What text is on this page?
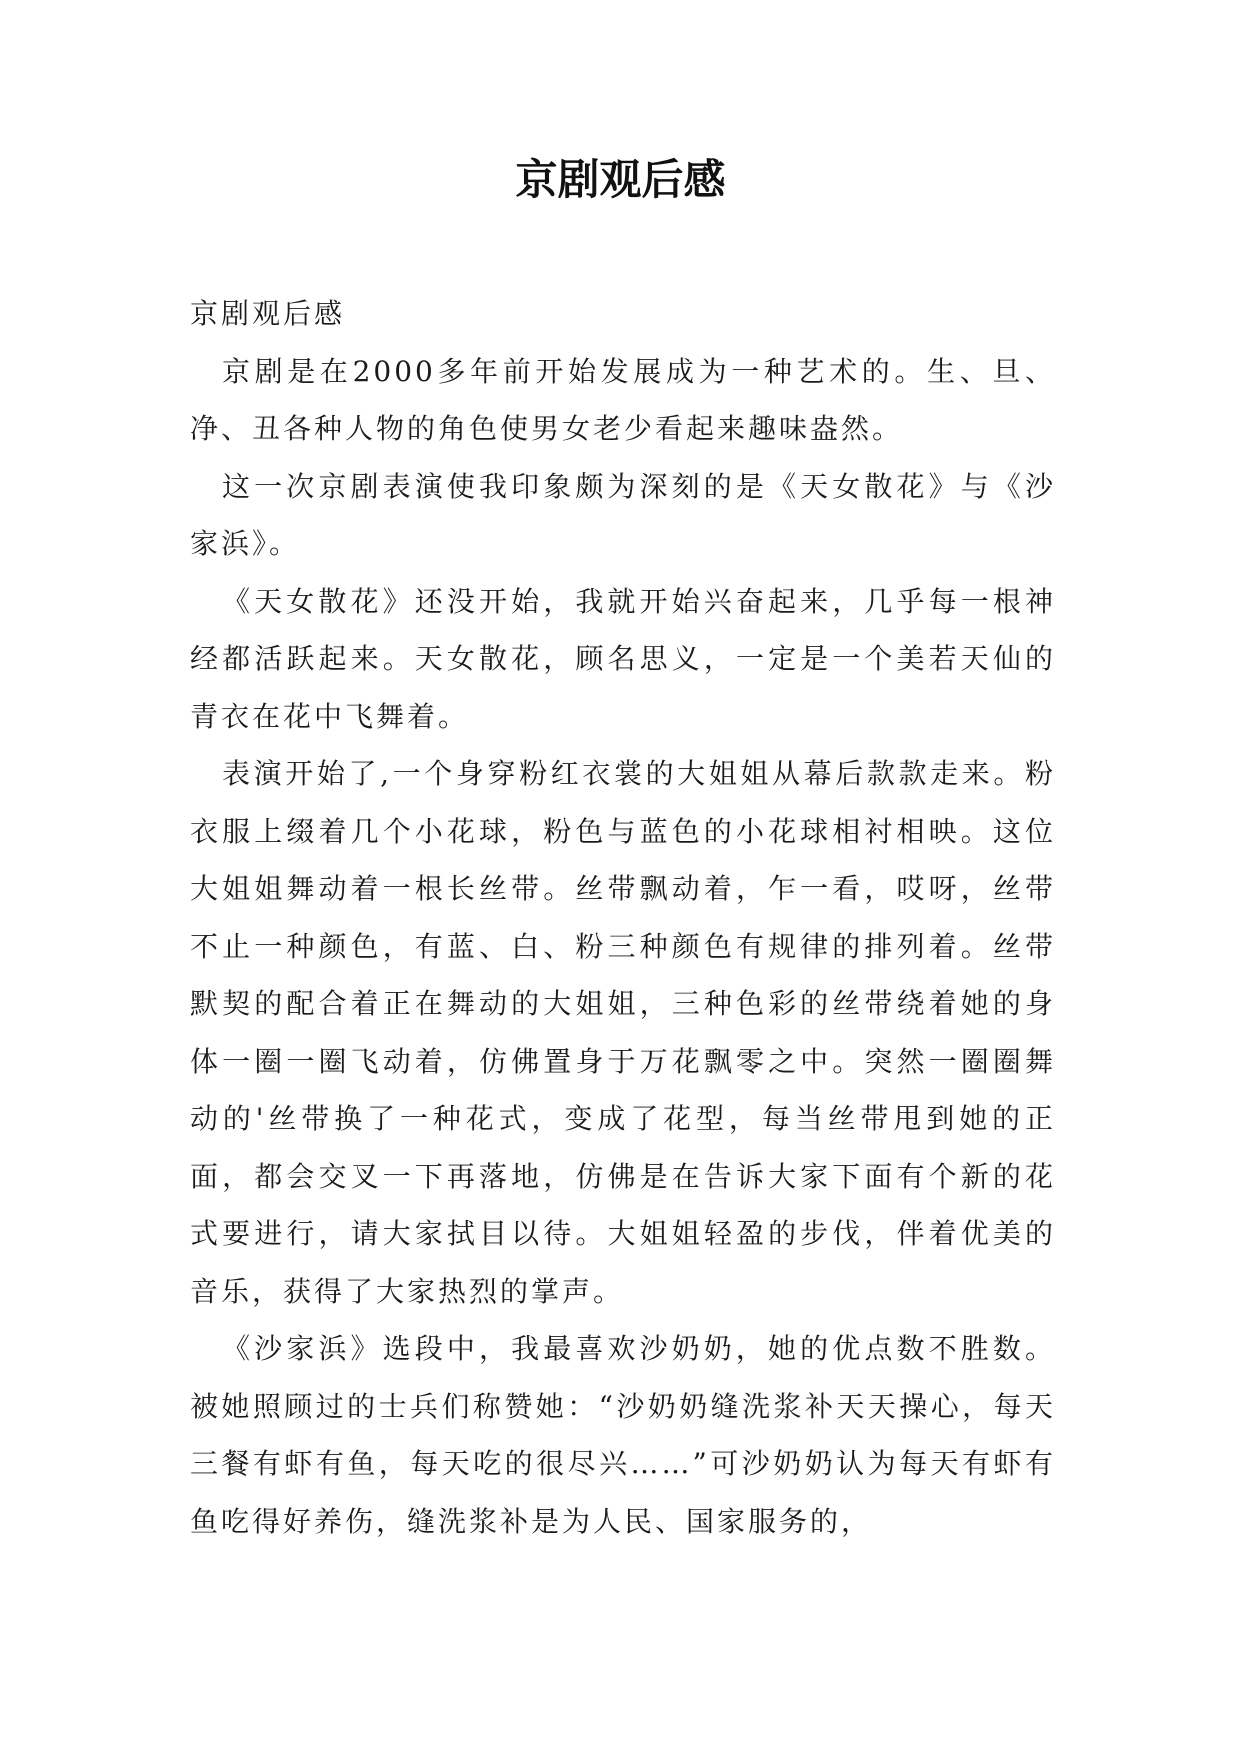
京剧观后感

京剧观后感

京剧是在2000多年前开始发展成为一种艺术的。生、旦、净、丑各种人物的角色使男女老少看起来趣味盎然。

这一次京剧表演使我印象颇为深刻的是《天女散花》与《沙家浜》。

《天女散花》还没开始，我就开始兴奋起来，几乎每一根神经都活跃起来。天女散花，顾名思义，一定是一个美若天仙的青衣在花中飞舞着。

表演开始了,一个身穿粉红衣裳的大姐姐从幕后款款走来。粉衣服上缀着几个小花球，粉色与蓝色的小花球相衬相映。这位大姐姐舞动着一根长丝带。丝带飘动着，乍一看，哎呀，丝带不止一种颜色，有蓝、白、粉三种颜色有规律的排列着。丝带默契的配合着正在舞动的大姐姐，三种色彩的丝带绕着她的身体一圈一圈飞动着，仿佛置身于万花飘零之中。突然一圈圈舞动的'丝带换了一种花式，变成了花型，每当丝带甩到她的正面，都会交叉一下再落地，仿佛是在告诉大家下面有个新的花式要进行，请大家拭目以待。大姐姐轻盈的步伐，伴着优美的音乐，获得了大家热烈的掌声。

《沙家浜》选段中，我最喜欢沙奶奶，她的优点数不胜数。被她照顾过的士兵们称赞她：“沙奶奶缝洗浆补天天操心，每天三餐有虾有鱼，每天吃的很尽兴……”可沙奶奶认为每天有虾有鱼吃得好养伤，缝洗浆补是为人民、国家服务的，
